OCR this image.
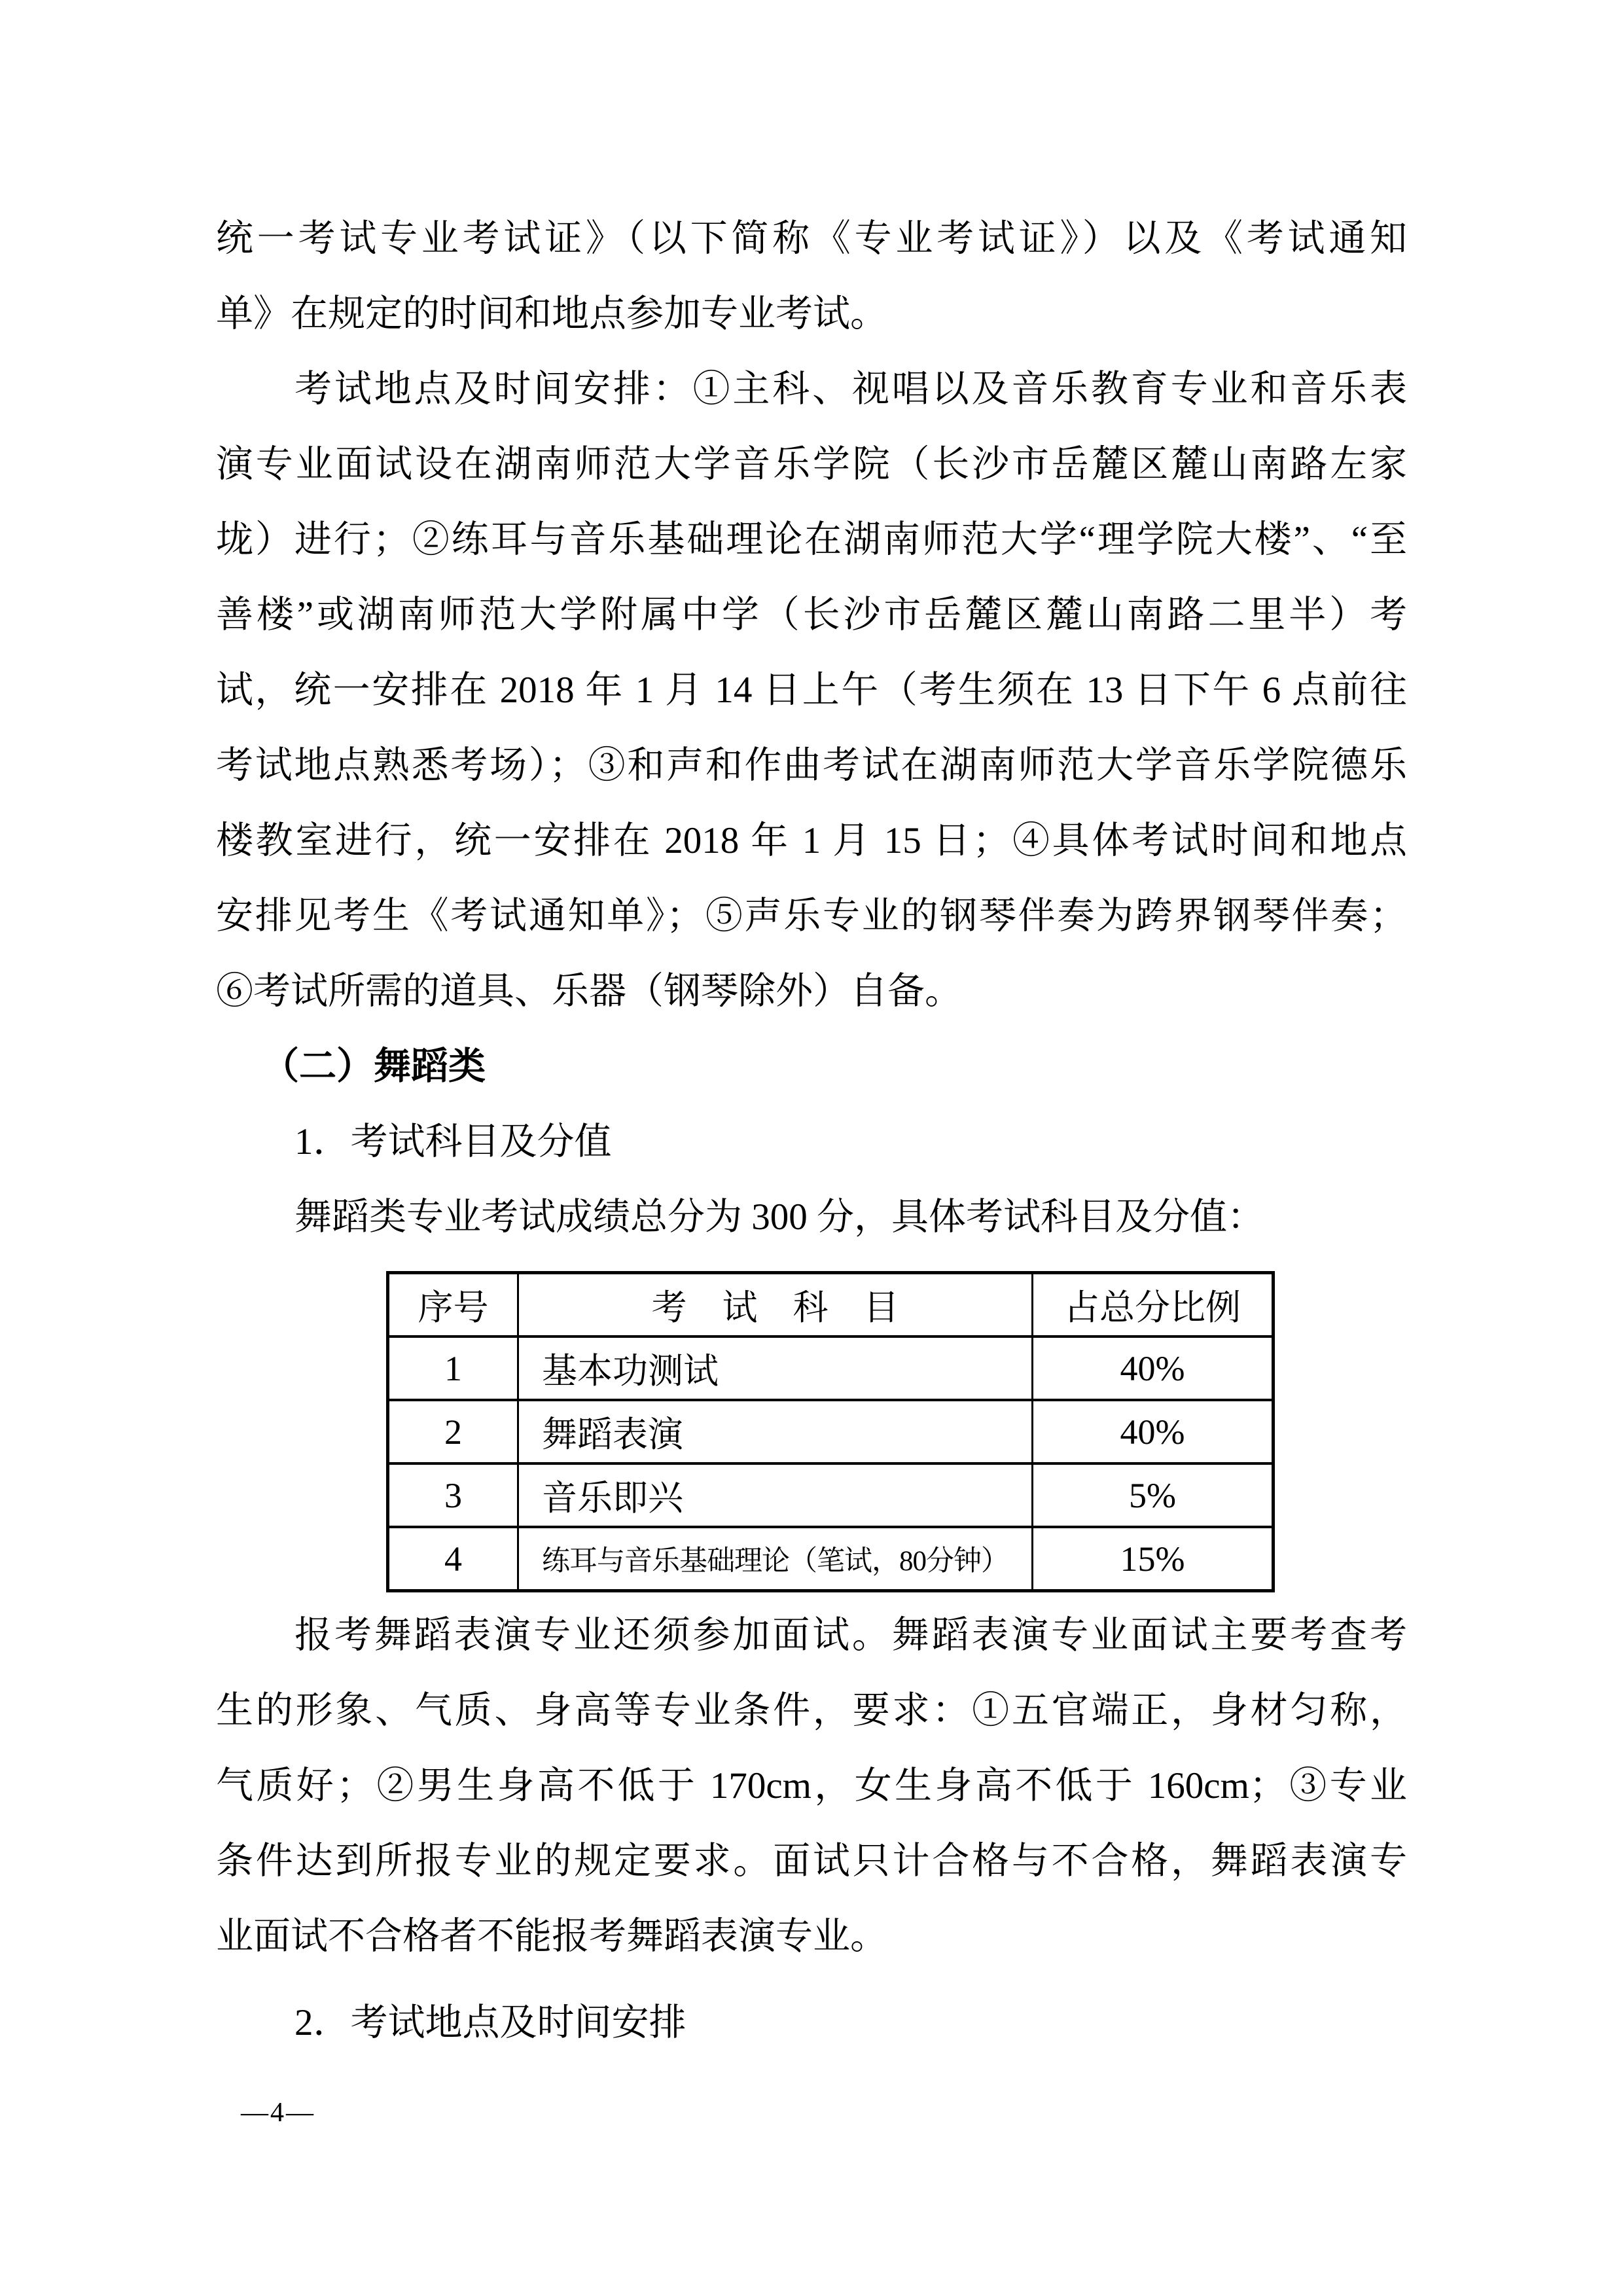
统一考试专业考试证》（以下简称《专业考试证》）以及《考试通知
单》在规定的时间和地点参加专业考试。
考试地点及时间安排：①主科、视唱以及音乐教育专业和音乐表
演专业面试设在湖南师范大学音乐学院（长沙市岳麓区麓山南路左家
垅）进行；②练耳与音乐基础理论在湖南师范大学“理学院大楼”、“至
善楼”或湖南师范大学附属中学（长沙市岳麓区麓山南路二里半）考
试，统一安排在 2018 年 1 月 14 日上午（考生须在 13 日下午 6 点前往
考试地点熟悉考场）；③和声和作曲考试在湖南师范大学音乐学院德乐
楼教室进行，统一安排在 2018 年 1 月 15 日；④具体考试时间和地点
安排见考生《考试通知单》；⑤声乐专业的钢琴伴奏为跨界钢琴伴奏；
⑥考试所需的道具、乐器（钢琴除外）自备。
（二）舞蹈类
1．考试科目及分值
舞蹈类专业考试成绩总分为 300 分，具体考试科目及分值：
序号	考　试　科　目	占总分比例
1	基本功测试	40%
2	舞蹈表演	40%
3	音乐即兴	5%
4	练耳与音乐基础理论（笔试，80分钟）	15%
报考舞蹈表演专业还须参加面试。舞蹈表演专业面试主要考查考
生的形象、气质、身高等专业条件，要求：①五官端正，身材匀称，
气质好；②男生身高不低于 170cm，女生身高不低于 160cm；③专业
条件达到所报专业的规定要求。面试只计合格与不合格，舞蹈表演专
业面试不合格者不能报考舞蹈表演专业。
2．考试地点及时间安排
—4—
